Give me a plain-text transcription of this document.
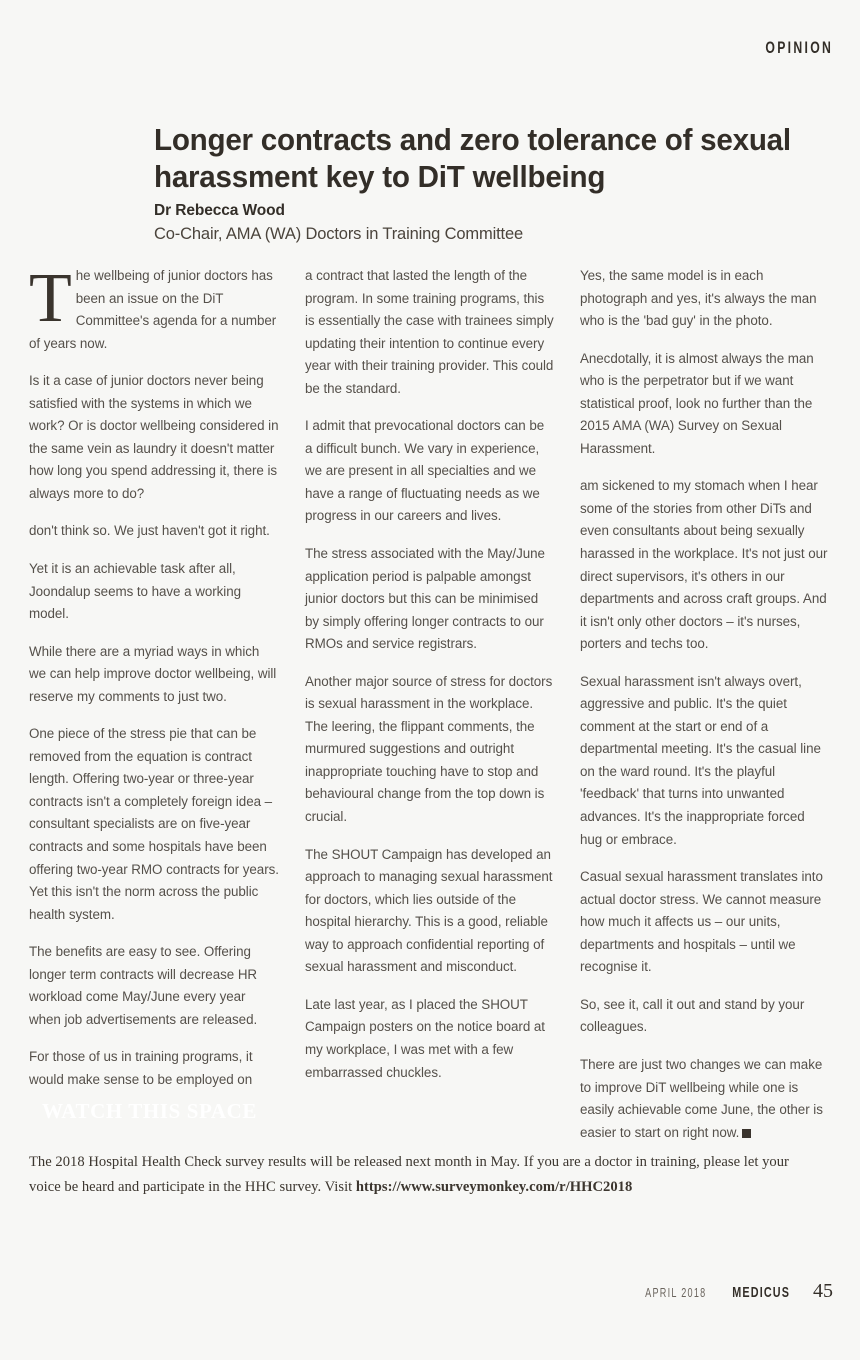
OPINION
Longer contracts and zero tolerance of sexual harassment key to DiT wellbeing
Dr Rebecca Wood
Co-Chair, AMA (WA) Doctors in Training Committee

The wellbeing of junior doctors has been an issue on the DiT Committee's agenda for a number of years now.

Is it a case of junior doctors never being satisfied with the systems in which we work? Or is doctor wellbeing considered in the same vein as laundry it doesn't matter how long you spend addressing it, there is always more to do?

don't think so. We just haven't got it right.

Yet it is an achievable task after all, Joondalup seems to have a working model.

While there are a myriad ways in which we can help improve doctor wellbeing, will reserve my comments to just two.

One piece of the stress pie that can be removed from the equation is contract length. Offering two-year or three-year contracts isn't a completely foreign idea – consultant specialists are on five-year contracts and some hospitals have been offering two-year RMO contracts for years. Yet this isn't the norm across the public health system.

The benefits are easy to see. Offering longer term contracts will decrease HR workload come May/June every year when job advertisements are released.

For those of us in training programs, it would make sense to be employed on

a contract that lasted the length of the program. In some training programs, this is essentially the case with trainees simply updating their intention to continue every year with their training provider. This could be the standard.

I admit that prevocational doctors can be a difficult bunch. We vary in experience, we are present in all specialties and we have a range of fluctuating needs as we progress in our careers and lives.

The stress associated with the May/June application period is palpable amongst junior doctors but this can be minimised by simply offering longer contracts to our RMOs and service registrars.

Another major source of stress for doctors is sexual harassment in the workplace. The leering, the flippant comments, the murmured suggestions and outright inappropriate touching have to stop and behavioural change from the top down is crucial.

The SHOUT Campaign has developed an approach to managing sexual harassment for doctors, which lies outside of the hospital hierarchy. This is a good, reliable way to approach confidential reporting of sexual harassment and misconduct.

Late last year, as I placed the SHOUT Campaign posters on the notice board at my workplace, I was met with a few embarrassed chuckles.

Yes, the same model is in each photograph and yes, it's always the man who is the 'bad guy' in the photo.

Anecdotally, it is almost always the man who is the perpetrator but if we want statistical proof, look no further than the 2015 AMA (WA) Survey on Sexual Harassment.

am sickened to my stomach when I hear some of the stories from other DiTs and even consultants about being sexually harassed in the workplace. It's not just our direct supervisors, it's others in our departments and across craft groups. And it isn't only other doctors – it's nurses, porters and techs too.

Sexual harassment isn't always overt, aggressive and public. It's the quiet comment at the start or end of a departmental meeting. It's the casual line on the ward round. It's the playful 'feedback' that turns into unwanted advances. It's the inappropriate forced hug or embrace.

Casual sexual harassment translates into actual doctor stress. We cannot measure how much it affects us – our units, departments and hospitals – until we recognise it.

So, see it, call it out and stand by your colleagues.

There are just two changes we can make to improve DiT wellbeing while one is easily achievable come June, the other is easier to start on right now.

WATCH THIS SPACE
The 2018 Hospital Health Check survey results will be released next month in May. If you are a doctor in training, please let your voice be heard and participate in the HHC survey. Visit https://www.surveymonkey.com/r/HHC2018
APRIL 2018 MEDICUS 45
